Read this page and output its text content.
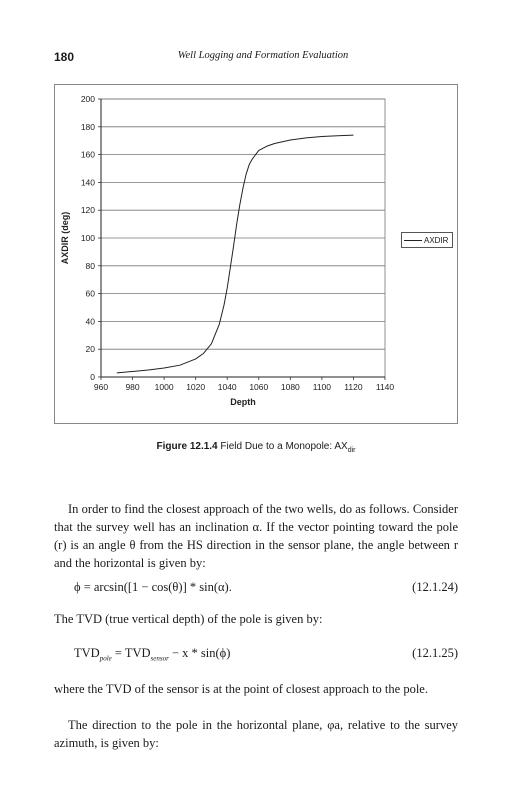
180	Well Logging and Formation Evaluation
0
20
40
60
80
100
120
140
160
180
200
960 980 1000 1020 1040 1060 1080 1100 1120 1140
Depth
AXDIR (deg)	AXDIR
Figure 12.1.4 Field Due to a Monopole: $AX_{dir}$

In order to find the closest approach of the two wells, do as follows. Consider that the survey well has an inclination α. If the vector pointing toward the pole (r) is an angle θ from the HS direction in the sensor plane, the angle between r and the horizontal is given by:

ϕ = arcsin([1 − cos(θ)] * sin(α).	(12.1.24)

The TVD (true vertical depth) of the pole is given by:

$TVD_{pole} = TVD_{sensor} - x * \sin(\phi)$	(12.1.25)

where the TVD of the sensor is at the point of closest approach to the pole.

The direction to the pole in the horizontal plane, φa, relative to the survey azimuth, is given by:
